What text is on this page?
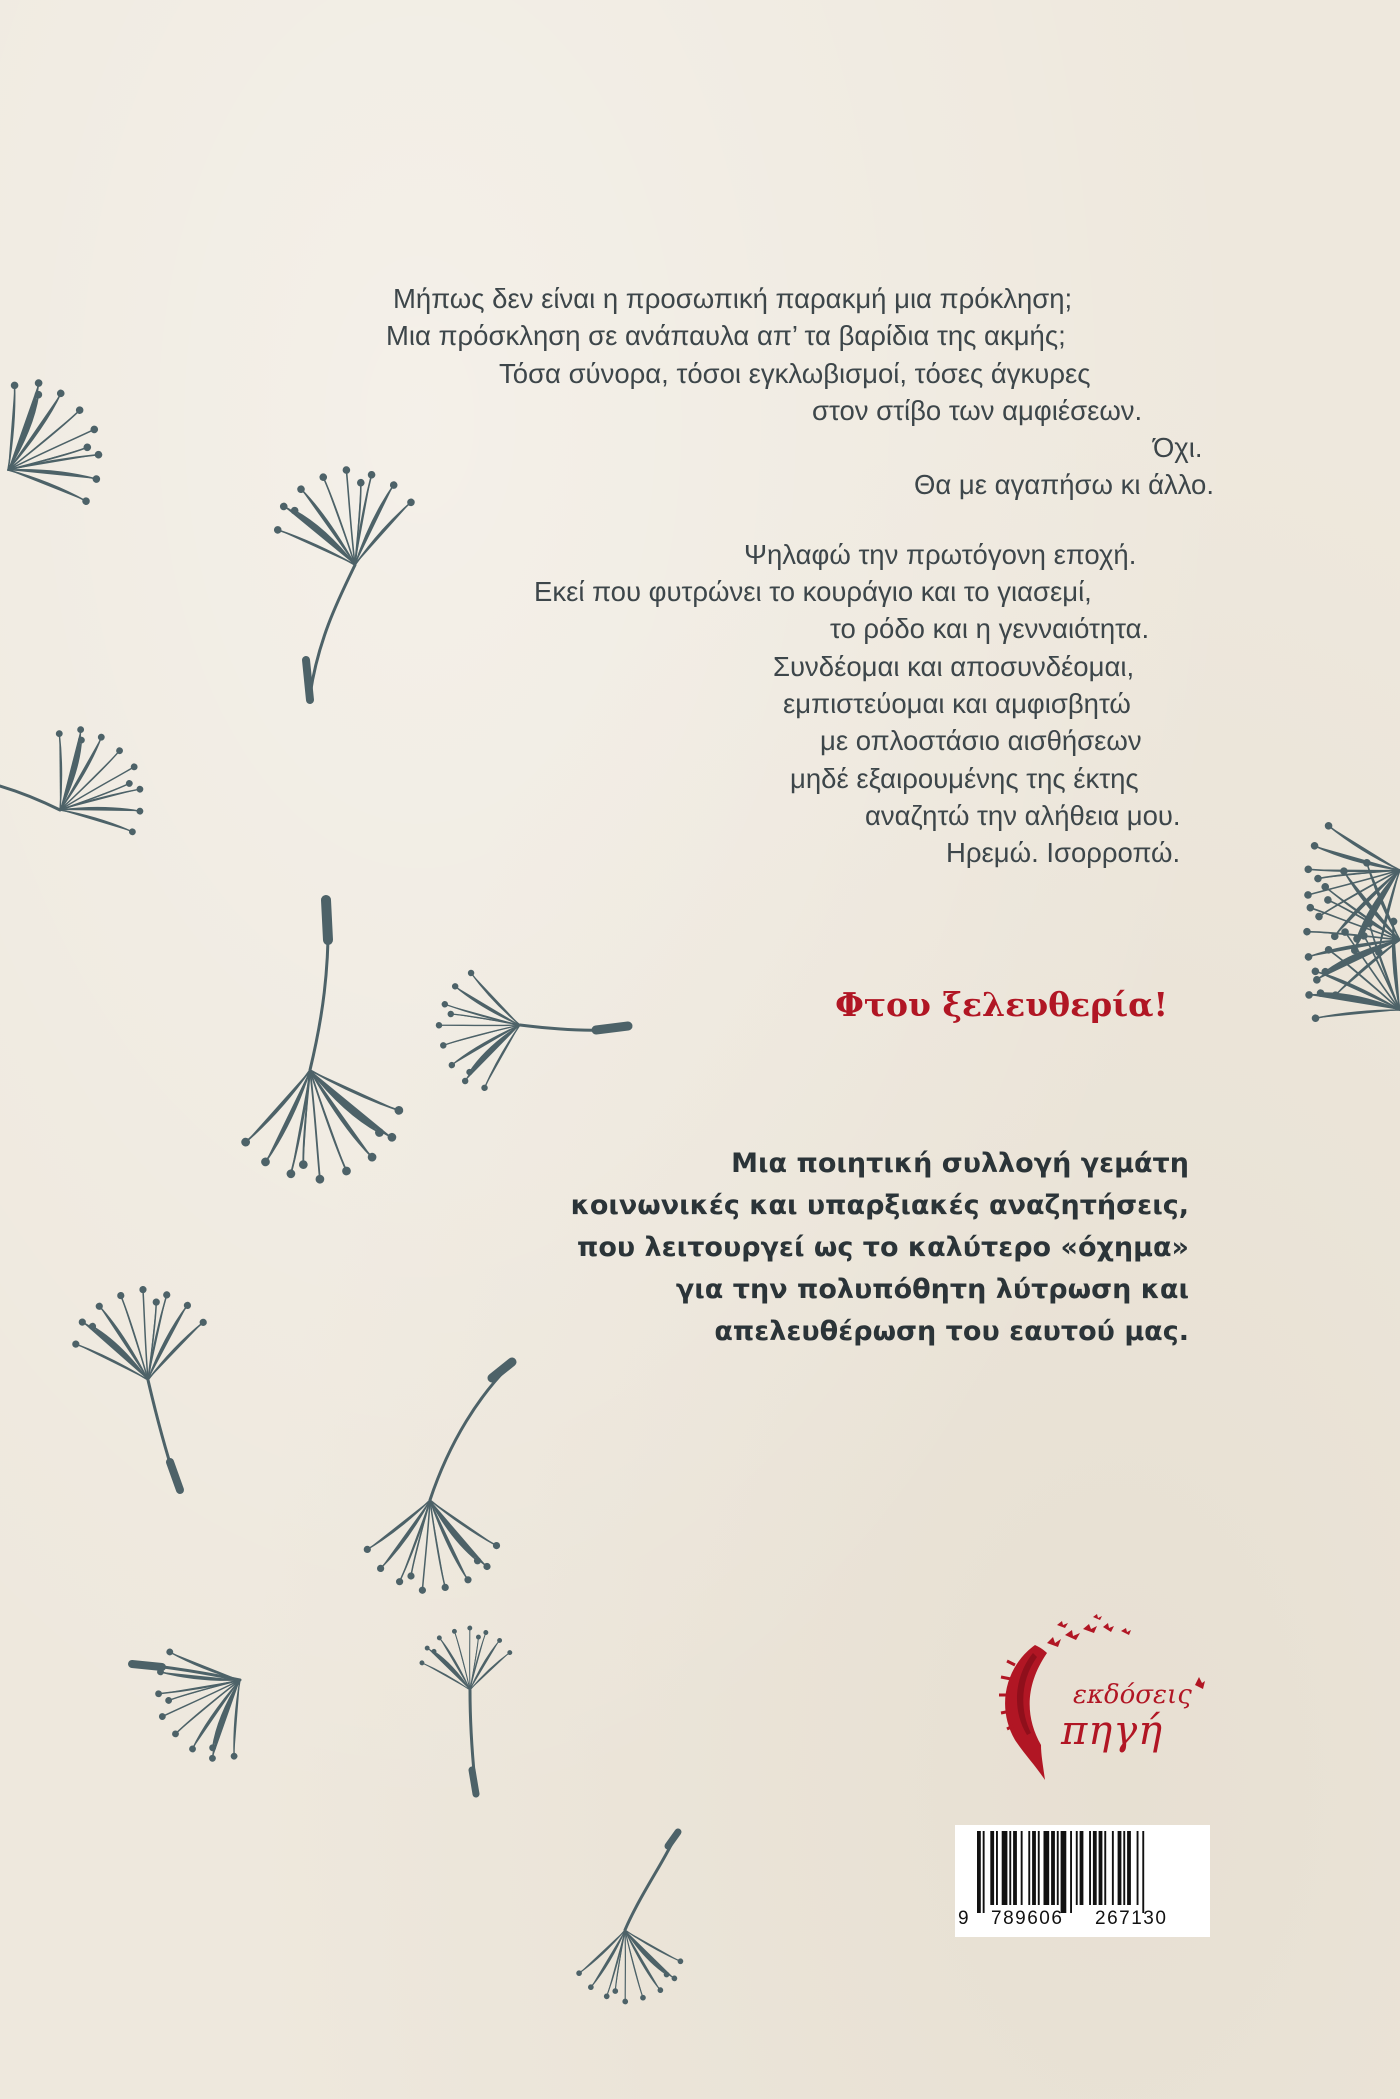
Μήπως δεν είναι η προσωπική παρακμή μια πρόκληση;
Μια πρόσκληση σε ανάπαυλα απ’ τα βαρίδια της ακμής;
Τόσα σύνορα, τόσοι εγκλωβισμοί, τόσες άγκυρες
στον στίβο των αμφιέσεων.
Όχι.
Θα με αγαπήσω κι άλλο.
Ψηλαφώ την πρωτόγονη εποχή.
Εκεί που φυτρώνει το κουράγιο και το γιασεμί,
το ρόδο και η γενναιότητα.
Συνδέομαι και αποσυνδέομαι,
εμπιστεύομαι και αμφισβητώ
με οπλοστάσιο αισθήσεων
μηδέ εξαιρουμένης της έκτης
αναζητώ την αλήθεια μου.
Ηρεμώ. Ισορροπώ.
Φτου ξελευθερία!
Μια ποιητική συλλογή γεμάτη
κοινωνικές και υπαρξιακές αναζητήσεις,
που λειτουργεί ως το καλύτερο «όχημα»
για την πολυπόθητη λύτρωση και
απελευθέρωση του εαυτού μας.
εκδόσεις
πηγή
9 789606 267130
